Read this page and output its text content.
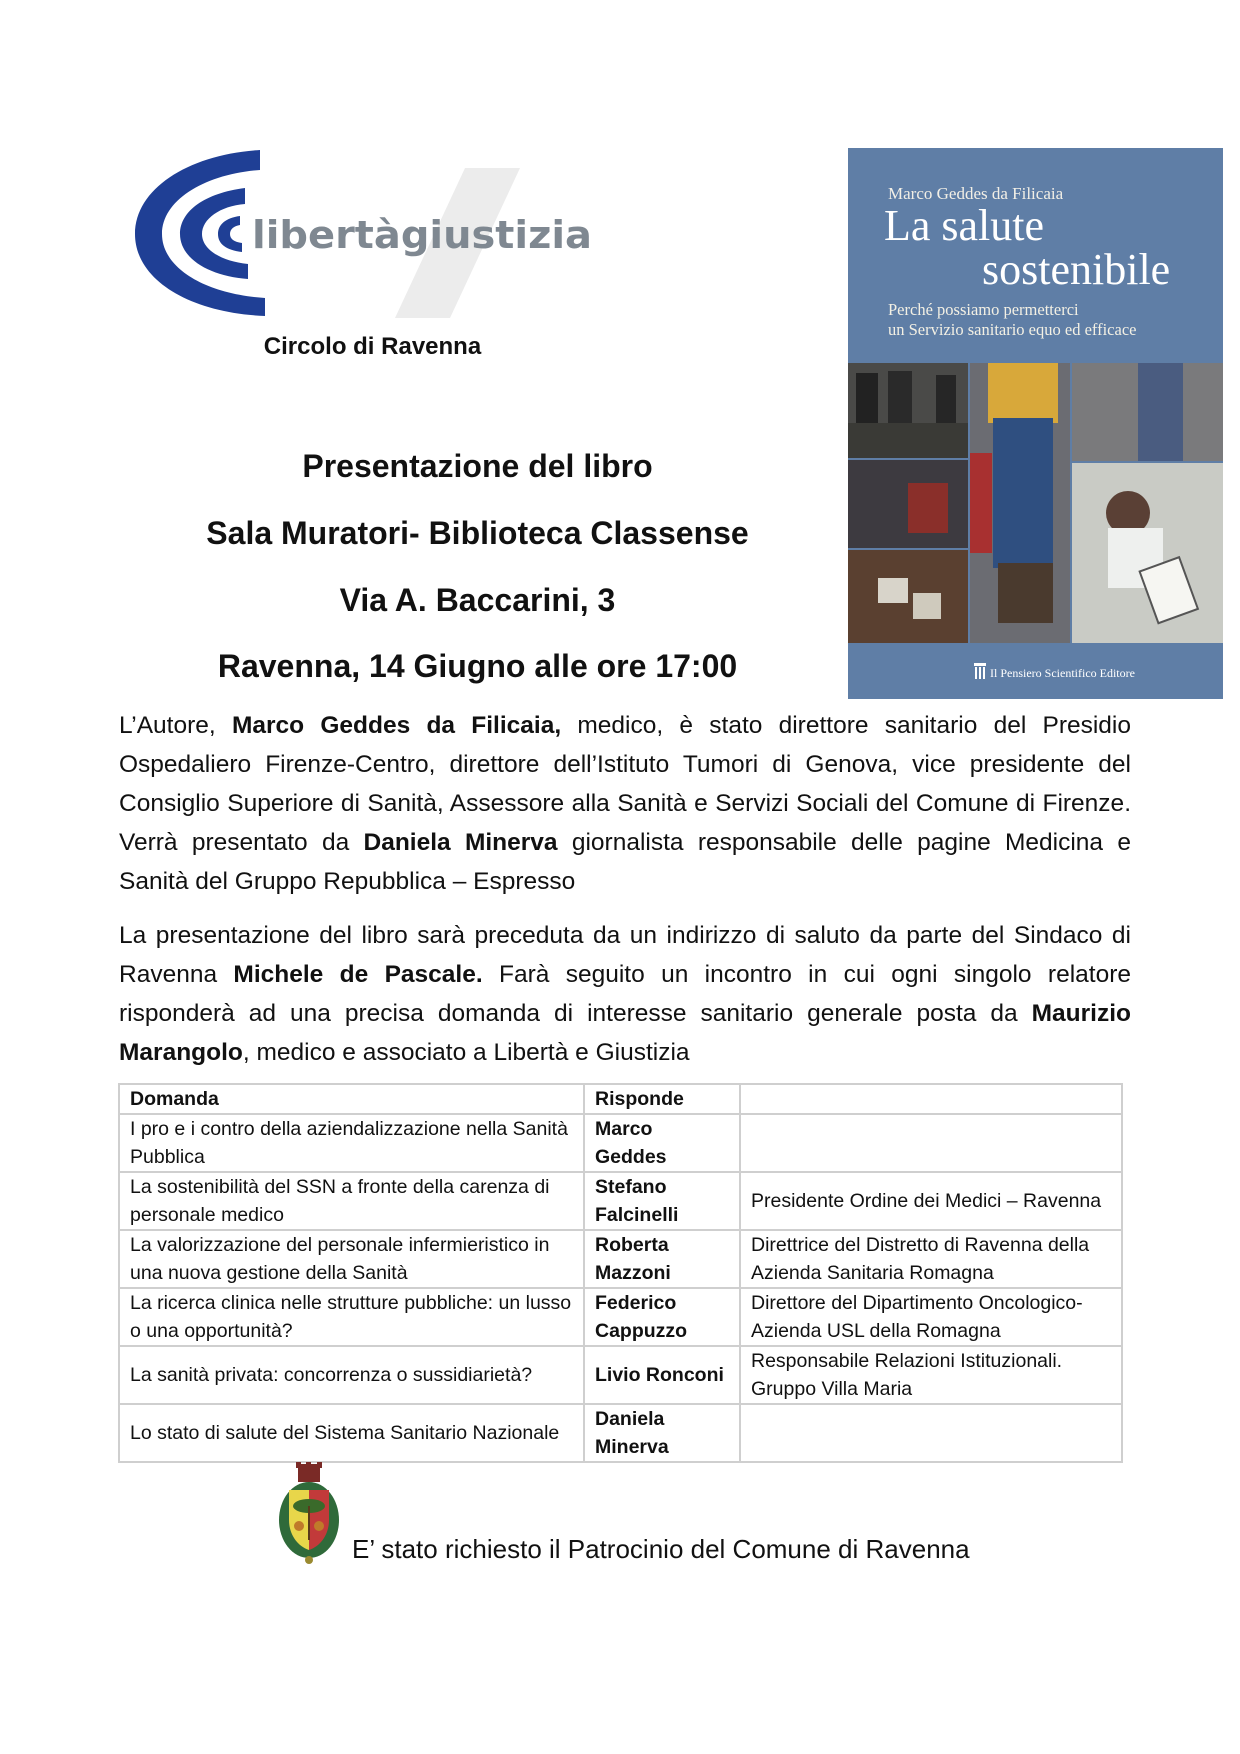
libertàgiustizia
Circolo di Ravenna
Marco Geddes da Filicaia
La salute
sostenibile
Perché possiamo permetterci
un Servizio sanitario equo ed efficace
Il Pensiero Scientifico Editore
Presentazione del libro
Sala Muratori- Biblioteca Classense
Via A. Baccarini, 3
Ravenna, 14 Giugno alle ore 17:00
L’Autore, Marco Geddes da Filicaia, medico, è stato direttore sanitario del Presidio Ospedaliero Firenze-Centro, direttore dell’Istituto Tumori di Genova, vice presidente del Consiglio Superiore di Sanità, Assessore alla Sanità e Servizi Sociali del Comune di Firenze. Verrà presentato da Daniela Minerva giornalista responsabile delle pagine Medicina e Sanità del Gruppo Repubblica – Espresso
La presentazione del libro sarà preceduta da un indirizzo di saluto da parte del Sindaco di Ravenna Michele de Pascale. Farà seguito un incontro in cui ogni singolo relatore risponderà ad una precisa domanda di interesse sanitario generale posta da Maurizio Marangolo, medico e associato a Libertà e Giustizia
Domanda	Risponde	
I pro e i contro della aziendalizzazione nella Sanità Pubblica	Marco Geddes	
La sostenibilità del SSN a fronte della carenza di personale medico	Stefano Falcinelli	Presidente Ordine dei Medici – Ravenna
La valorizzazione del personale infermieristico in una nuova gestione della Sanità	Roberta Mazzoni	Direttrice del Distretto di Ravenna della Azienda Sanitaria Romagna
La ricerca clinica nelle strutture pubbliche: un lusso o una opportunità?	Federico Cappuzzo	Direttore del Dipartimento Oncologico- Azienda USL della Romagna
La sanità privata: concorrenza o sussidiarietà?	Livio Ronconi	Responsabile Relazioni Istituzionali. Gruppo Villa Maria
Lo stato di salute del Sistema Sanitario Nazionale	Daniela Minerva	
E’ stato richiesto il Patrocinio del Comune di Ravenna
